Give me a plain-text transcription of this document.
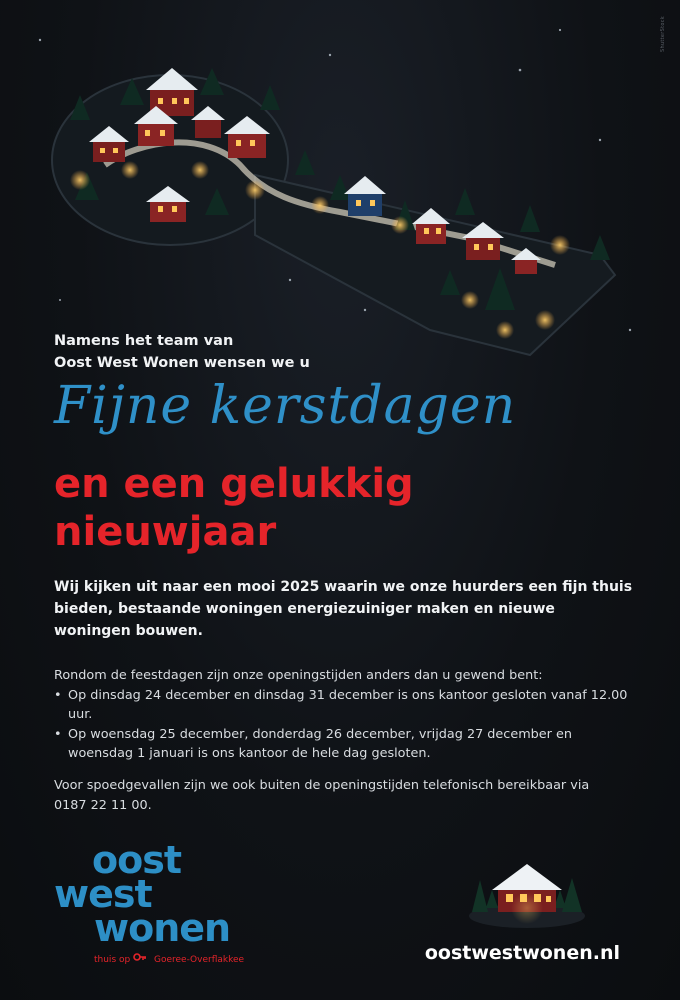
ShutterStock
Namens het team van
Oost West Wonen wensen we u
Fijne kerstdagen
en een gelukkig
nieuwjaar
Wij kijken uit naar een mooi 2025 waarin we onze huurders een fijn thuis bieden, bestaande woningen energiezuiniger maken en nieuwe woningen bouwen.
Rondom de feestdagen zijn onze openingstijden anders dan u gewend bent:
• Op dinsdag 24 december en dinsdag 31 december is ons kantoor gesloten vanaf 12.00 uur.
• Op woensdag 25 december, donderdag 26 december, vrijdag 27 december en woensdag 1 januari is ons kantoor de hele dag gesloten.
Voor spoedgevallen zijn we ook buiten de openingstijden telefonisch bereikbaar via 0187 22 11 00.
oost
west
wonen
thuis op	Goeree-Overflakkee	oostwestwonen.nl
